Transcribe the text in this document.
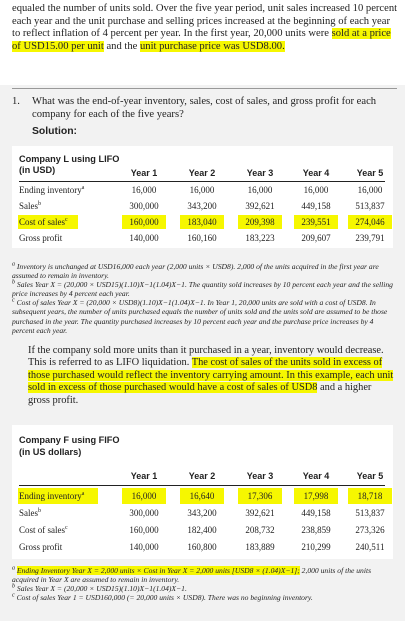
equaled the number of units sold. Over the five year period, unit sales increased 10 percent each year and the unit purchase and selling prices increased at the beginning of each year to reflect inflation of 4 percent per year. In the first year, 20,000 units were sold at a price of USD15.00 per unit and the unit purchase price was USD8.00.
1. What was the end-of-year inventory, sales, cost of sales, and gross profit for each company for each of the five years?
Solution:
Company L using LIFO
(in USD)	Year 1	Year 2	Year 3	Year 4	Year 5
Ending inventory$^a$	16,000	16,000	16,000	16,000	16,000
Sales$^b$	300,000	343,200	392,621	449,158	513,837
Cost of sales$^c$	160,000	183,040	209,398	239,551	274,046
Gross profit	140,000	160,160	183,223	209,607	239,791

$^a$ Inventory is unchanged at USD16,000 each year (2,000 units × USD8). 2,000 of the units acquired in the first year are assumed to remain in inventory.

$^b$ Sales Year X = (20,000 × USD15)(1.10)X−1(1.04)X−1. The quantity sold increases by 10 percent each year and the selling price increases by 4 percent each year.

$^c$ Cost of sales Year X = (20,000 × USD8)(1.10)X−1(1.04)X−1. In Year 1, 20,000 units are sold with a cost of USD8. In subsequent years, the number of units purchased equals the number of units sold and the units sold are assumed to be those purchased in the year. The quantity purchased increases by 10 percent each year and the purchase price increases by 4 percent each year.

If the company sold more units than it purchased in a year, inventory would decrease. This is referred to as LIFO liquidation. The cost of sales of the units sold in excess of those purchased would reflect the inventory carrying amount. In this example, each unit sold in excess of those purchased would have a cost of sales of USD8 and a higher gross profit.
Company F using FIFO
(in US dollars)
Year 1	Year 2	Year 3	Year 4	Year 5
Ending inventory$^a$	16,000	16,640	17,306	17,998	18,718
Sales$^b$	300,000	343,200	392,621	449,158	513,837
Cost of sales$^c$	160,000	182,400	208,732	238,859	273,326
Gross profit	140,000	160,800	183,889	210,299	240,511

$^a$ Ending Inventory Year X = 2,000 units × Cost in Year X = 2,000 units [USD8 × (1.04)X−1]; 2,000 units of the units acquired in Year X are assumed to remain in inventory.

$^b$ Sales Year X = (20,000 × USD15)(1.10)X−1(1.04)X−1.

$^c$ Cost of sales Year 1 = USD160,000 (= 20,000 units × USD8). There was no beginning inventory.
